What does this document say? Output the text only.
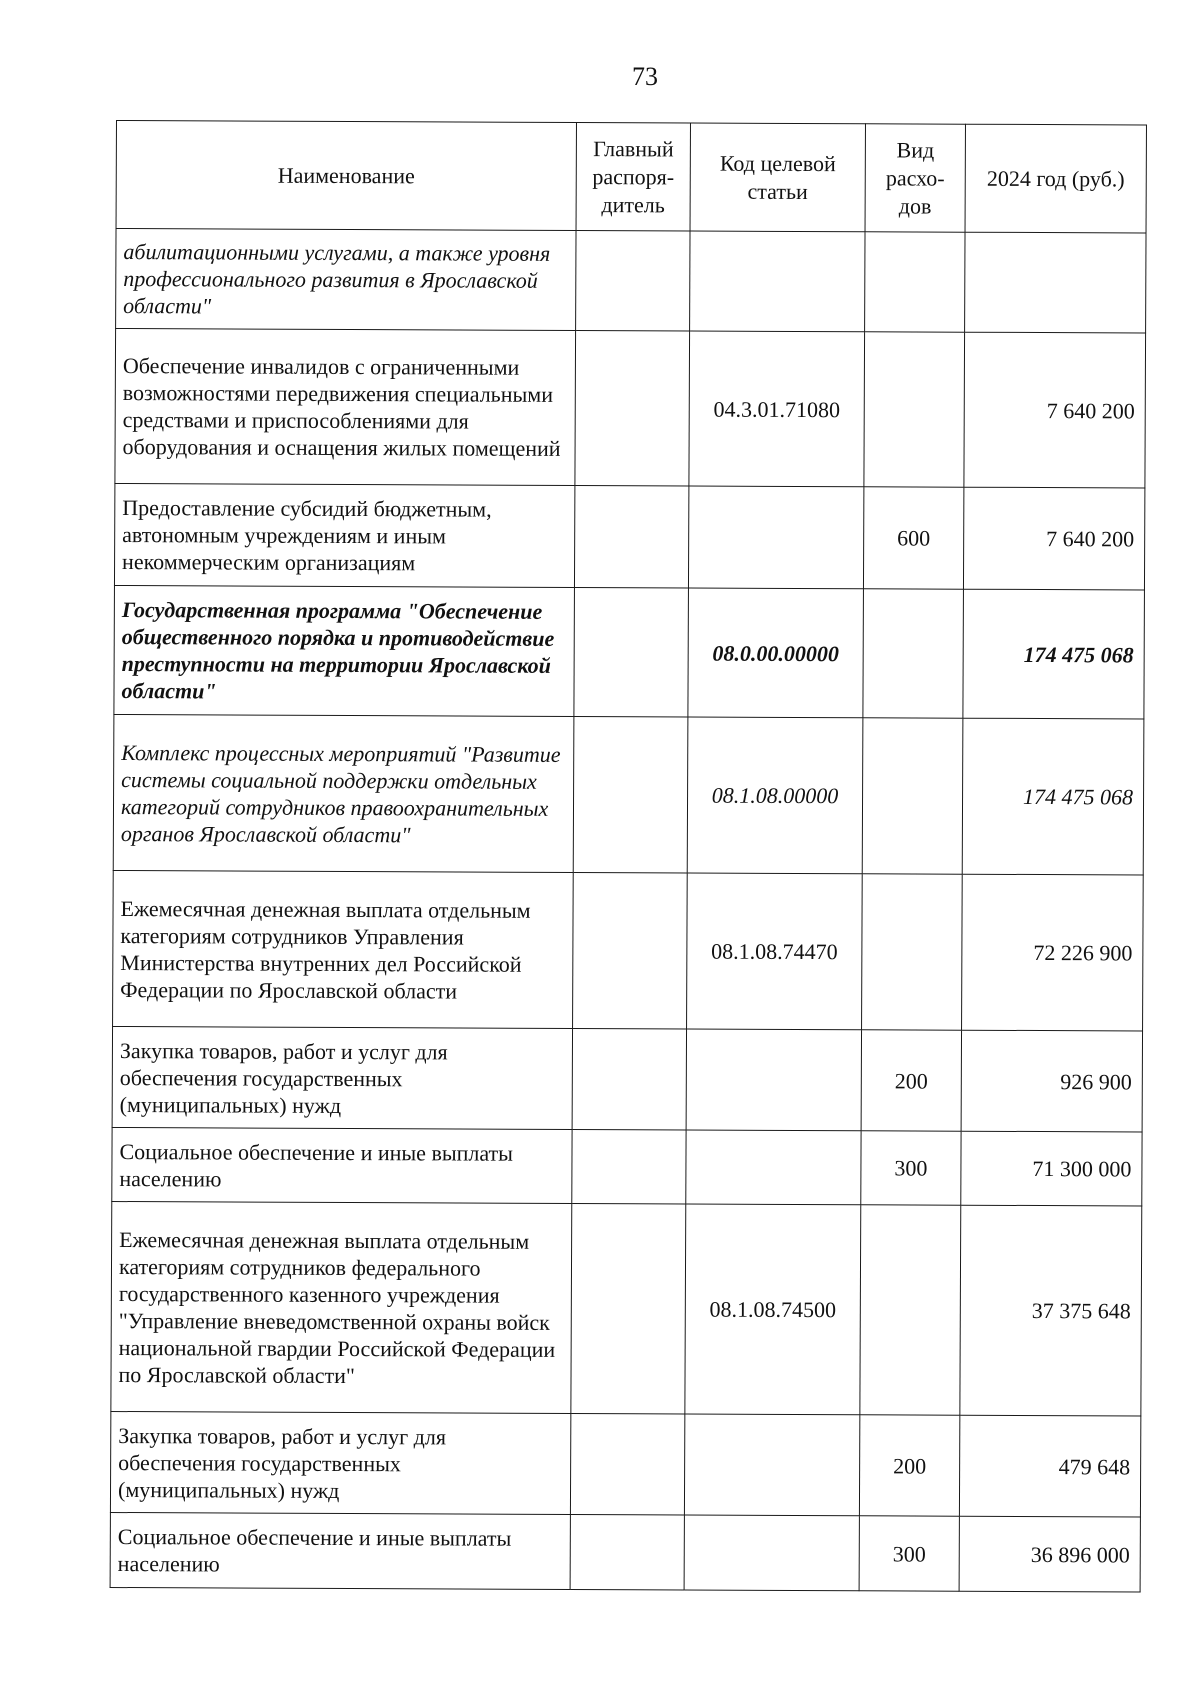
73
Наименование	Главный распоря-дитель	Код целевой статьи	Вид расхо-дов	2024 год (руб.)
абилитационными услугами, а также уровня профессионального развития в Ярославской области"				
Обеспечение инвалидов с ограниченными возможностями передвижения специальными средствами и приспособлениями для оборудования и оснащения жилых помещений		04.3.01.71080		7 640 200
Предоставление субсидий бюджетным, автономным учреждениям и иным некоммерческим организациям			600	7 640 200
Государственная программа "Обеспечение общественного порядка и противодействие преступности на территории Ярославской области"		08.0.00.00000		174 475 068
Комплекс процессных мероприятий "Развитие системы социальной поддержки отдельных категорий сотрудников правоохранительных органов Ярославской области"		08.1.08.00000		174 475 068
Ежемесячная денежная выплата отдельным категориям сотрудников Управления Министерства внутренних дел Российской Федерации по Ярославской области		08.1.08.74470		72 226 900
Закупка товаров, работ и услуг для обеспечения государственных (муниципальных) нужд			200	926 900
Социальное обеспечение и иные выплаты населению			300	71 300 000
Ежемесячная денежная выплата отдельным категориям сотрудников федерального государственного казенного учреждения "Управление вневедомственной охраны войск национальной гвардии Российской Федерации по Ярославской области"		08.1.08.74500		37 375 648
Закупка товаров, работ и услуг для обеспечения государственных (муниципальных) нужд			200	479 648
Социальное обеспечение и иные выплаты населению			300	36 896 000
